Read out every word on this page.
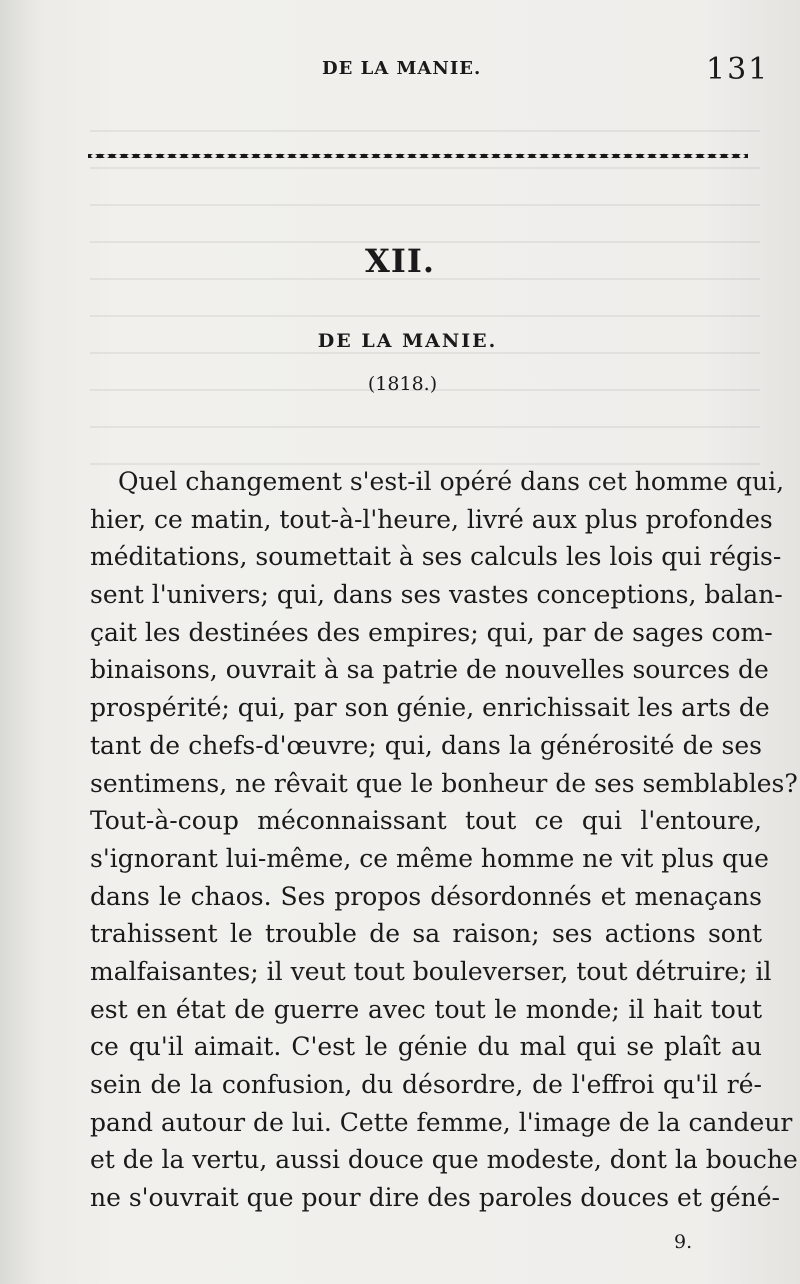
DE LA MANIE.	131
XII.
DE LA MANIE.
(1818.)
Quel changement s'est-il opéré dans cet homme qui,
hier, ce matin, tout-à-l'heure, livré aux plus profondes
méditations, soumettait à ses calculs les lois qui régis-
sent l'univers; qui, dans ses vastes conceptions, balan-
çait les destinées des empires; qui, par de sages com-
binaisons, ouvrait à sa patrie de nouvelles sources de
prospérité; qui, par son génie, enrichissait les arts de
tant de chefs-d'œuvre; qui, dans la générosité de ses
sentimens, ne rêvait que le bonheur de ses semblables?
Tout-à-coup méconnaissant tout ce qui l'entoure,
s'ignorant lui-même, ce même homme ne vit plus que
dans le chaos. Ses propos désordonnés et menaçans
trahissent le trouble de sa raison; ses actions sont
malfaisantes; il veut tout bouleverser, tout détruire; il
est en état de guerre avec tout le monde; il hait tout
ce qu'il aimait. C'est le génie du mal qui se plaît au
sein de la confusion, du désordre, de l'effroi qu'il ré-
pand autour de lui. Cette femme, l'image de la candeur
et de la vertu, aussi douce que modeste, dont la bouche
ne s'ouvrait que pour dire des paroles douces et géné-
9.
